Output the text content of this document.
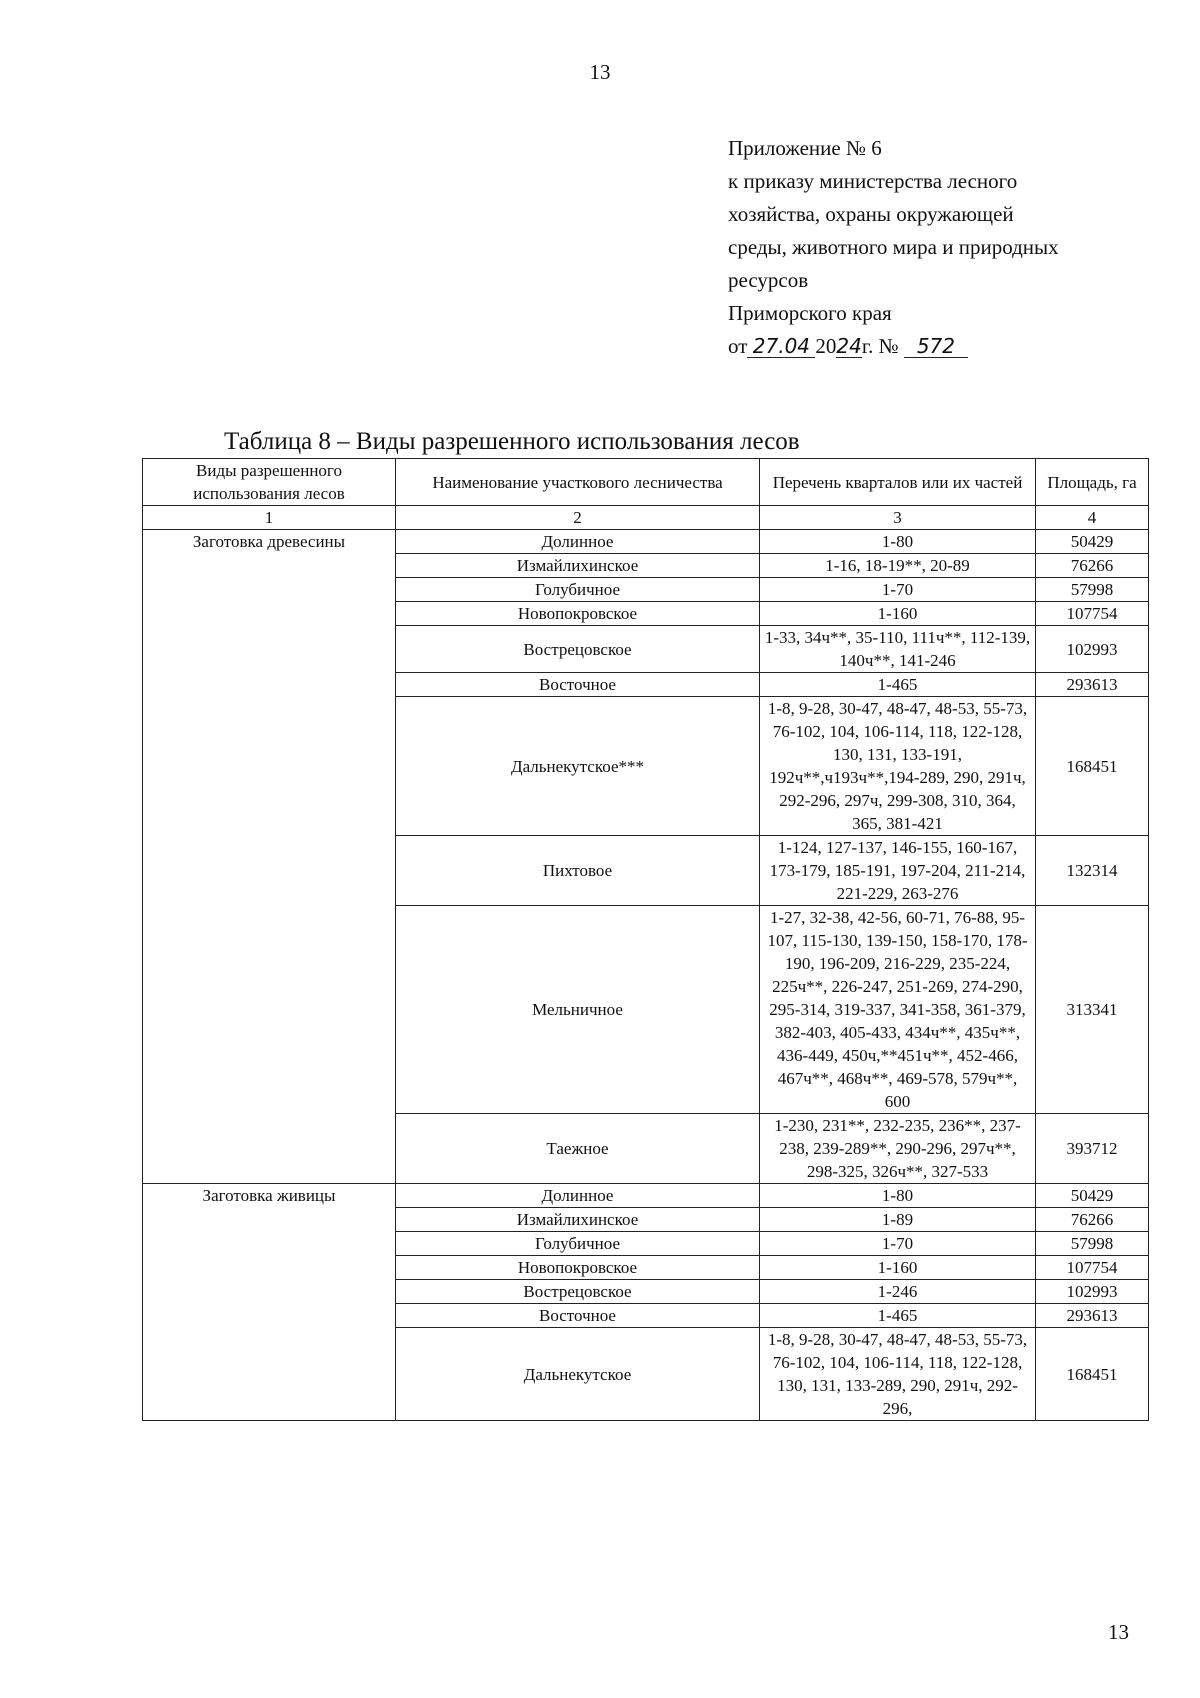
13
Приложение № 6
к приказу министерства лесного
хозяйства, охраны окружающей
среды, животного мира и природных
ресурсов
Приморского края
от 27.04 2024г. № 572
Таблица 8 – Виды разрешенного использования лесов
Виды разрешенного использования лесов	Наименование участкового лесничества	Перечень кварталов или их частей	Площадь, га
1	2	3	4
Заготовка древесины	Долинное	1-80	50429
	Измайлихинское	1-16, 18-19**, 20-89	76266
	Голубичное	1-70	57998
	Новопокровское	1-160	107754
	Вострецовское	1-33, 34ч**, 35-110, 111ч**, 112-139, 140ч**, 141-246	102993
	Восточное	1-465	293613
	Дальнекутское***	1-8, 9-28, 30-47, 48-47, 48-53, 55-73, 76-102, 104, 106-114, 118, 122-128, 130, 131, 133-191, 192ч**,ч193ч**,194-289, 290, 291ч, 292-296, 297ч, 299-308, 310, 364, 365, 381-421	168451
	Пихтовое	1-124, 127-137, 146-155, 160-167, 173-179, 185-191, 197-204, 211-214, 221-229, 263-276	132314
	Мельничное	1-27, 32-38, 42-56, 60-71, 76-88, 95-107, 115-130, 139-150, 158-170, 178-190, 196-209, 216-229, 235-224, 225ч**, 226-247, 251-269, 274-290, 295-314, 319-337, 341-358, 361-379, 382-403, 405-433, 434ч**, 435ч**, 436-449, 450ч,**451ч**, 452-466, 467ч**, 468ч**, 469-578, 579ч**, 600	313341
	Таежное	1-230, 231**, 232-235, 236**, 237-238, 239-289**, 290-296, 297ч**, 298-325, 326ч**, 327-533	393712
Заготовка живицы	Долинное	1-80	50429
	Измайлихинское	1-89	76266
	Голубичное	1-70	57998
	Новопокровское	1-160	107754
	Вострецовское	1-246	102993
	Восточное	1-465	293613
	Дальнекутское	1-8, 9-28, 30-47, 48-47, 48-53, 55-73, 76-102, 104, 106-114, 118, 122-128, 130, 131, 133-289, 290, 291ч, 292-296,	168451
13
